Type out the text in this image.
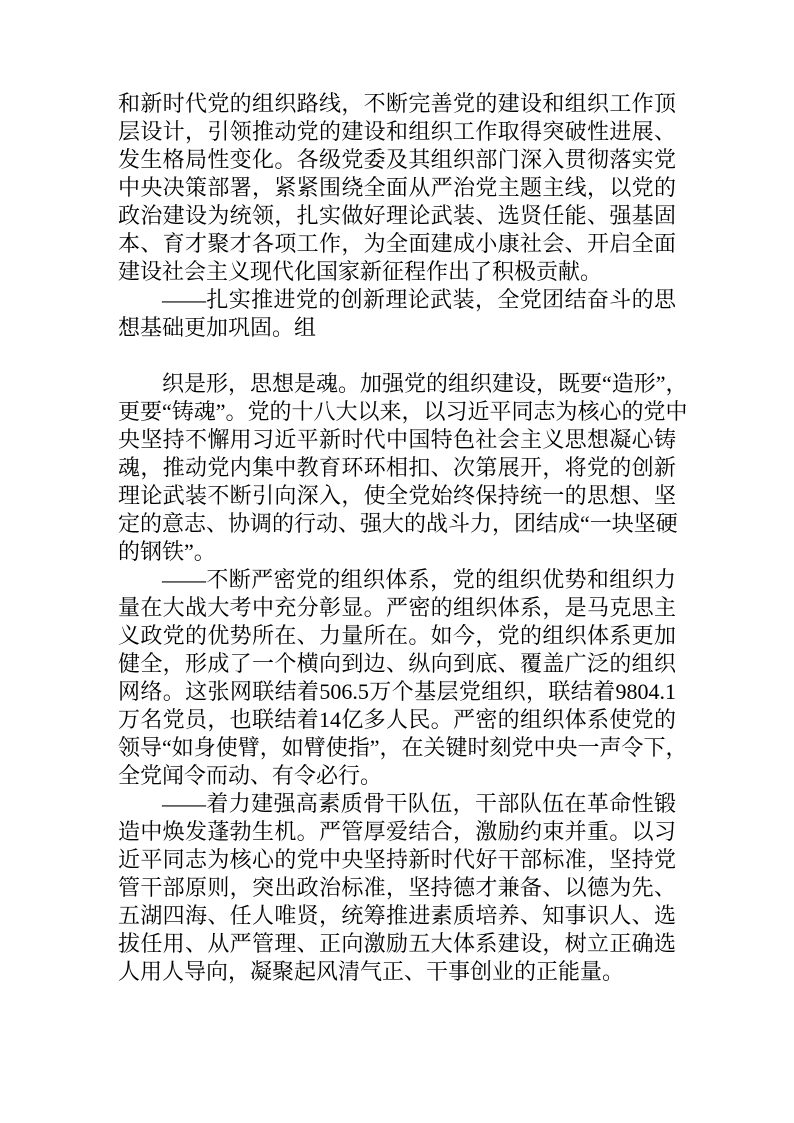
和新时代党的组织路线，不断完善党的建设和组织工作顶
层设计，引领推动党的建设和组织工作取得突破性进展、
发生格局性变化。各级党委及其组织部门深入贯彻落实党
中央决策部署，紧紧围绕全面从严治党主题主线，以党的
政治建设为统领，扎实做好理论武装、选贤任能、强基固
本、育才聚才各项工作，为全面建成小康社会、开启全面
建设社会主义现代化国家新征程作出了积极贡献。
——扎实推进党的创新理论武装，全党团结奋斗的思
想基础更加巩固。组
织是形，思想是魂。加强党的组织建设，既要“造形”，
更要“铸魂”。党的十八大以来，以习近平同志为核心的党中
央坚持不懈用习近平新时代中国特色社会主义思想凝心铸
魂，推动党内集中教育环环相扣、次第展开，将党的创新
理论武装不断引向深入，使全党始终保持统一的思想、坚
定的意志、协调的行动、强大的战斗力，团结成“一块坚硬
的钢铁”。
——不断严密党的组织体系，党的组织优势和组织力
量在大战大考中充分彰显。严密的组织体系，是马克思主
义政党的优势所在、力量所在。如今，党的组织体系更加
健全，形成了一个横向到边、纵向到底、覆盖广泛的组织
网络。这张网联结着506.5万个基层党组织，联结着9804.1
万名党员，也联结着14亿多人民。严密的组织体系使党的
领导“如身使臂，如臂使指”，在关键时刻党中央一声令下，
全党闻令而动、有令必行。
——着力建强高素质骨干队伍，干部队伍在革命性锻
造中焕发蓬勃生机。严管厚爱结合，激励约束并重。以习
近平同志为核心的党中央坚持新时代好干部标准，坚持党
管干部原则，突出政治标准，坚持德才兼备、以德为先、
五湖四海、任人唯贤，统筹推进素质培养、知事识人、选
拔任用、从严管理、正向激励五大体系建设，树立正确选
人用人导向，凝聚起风清气正、干事创业的正能量。
